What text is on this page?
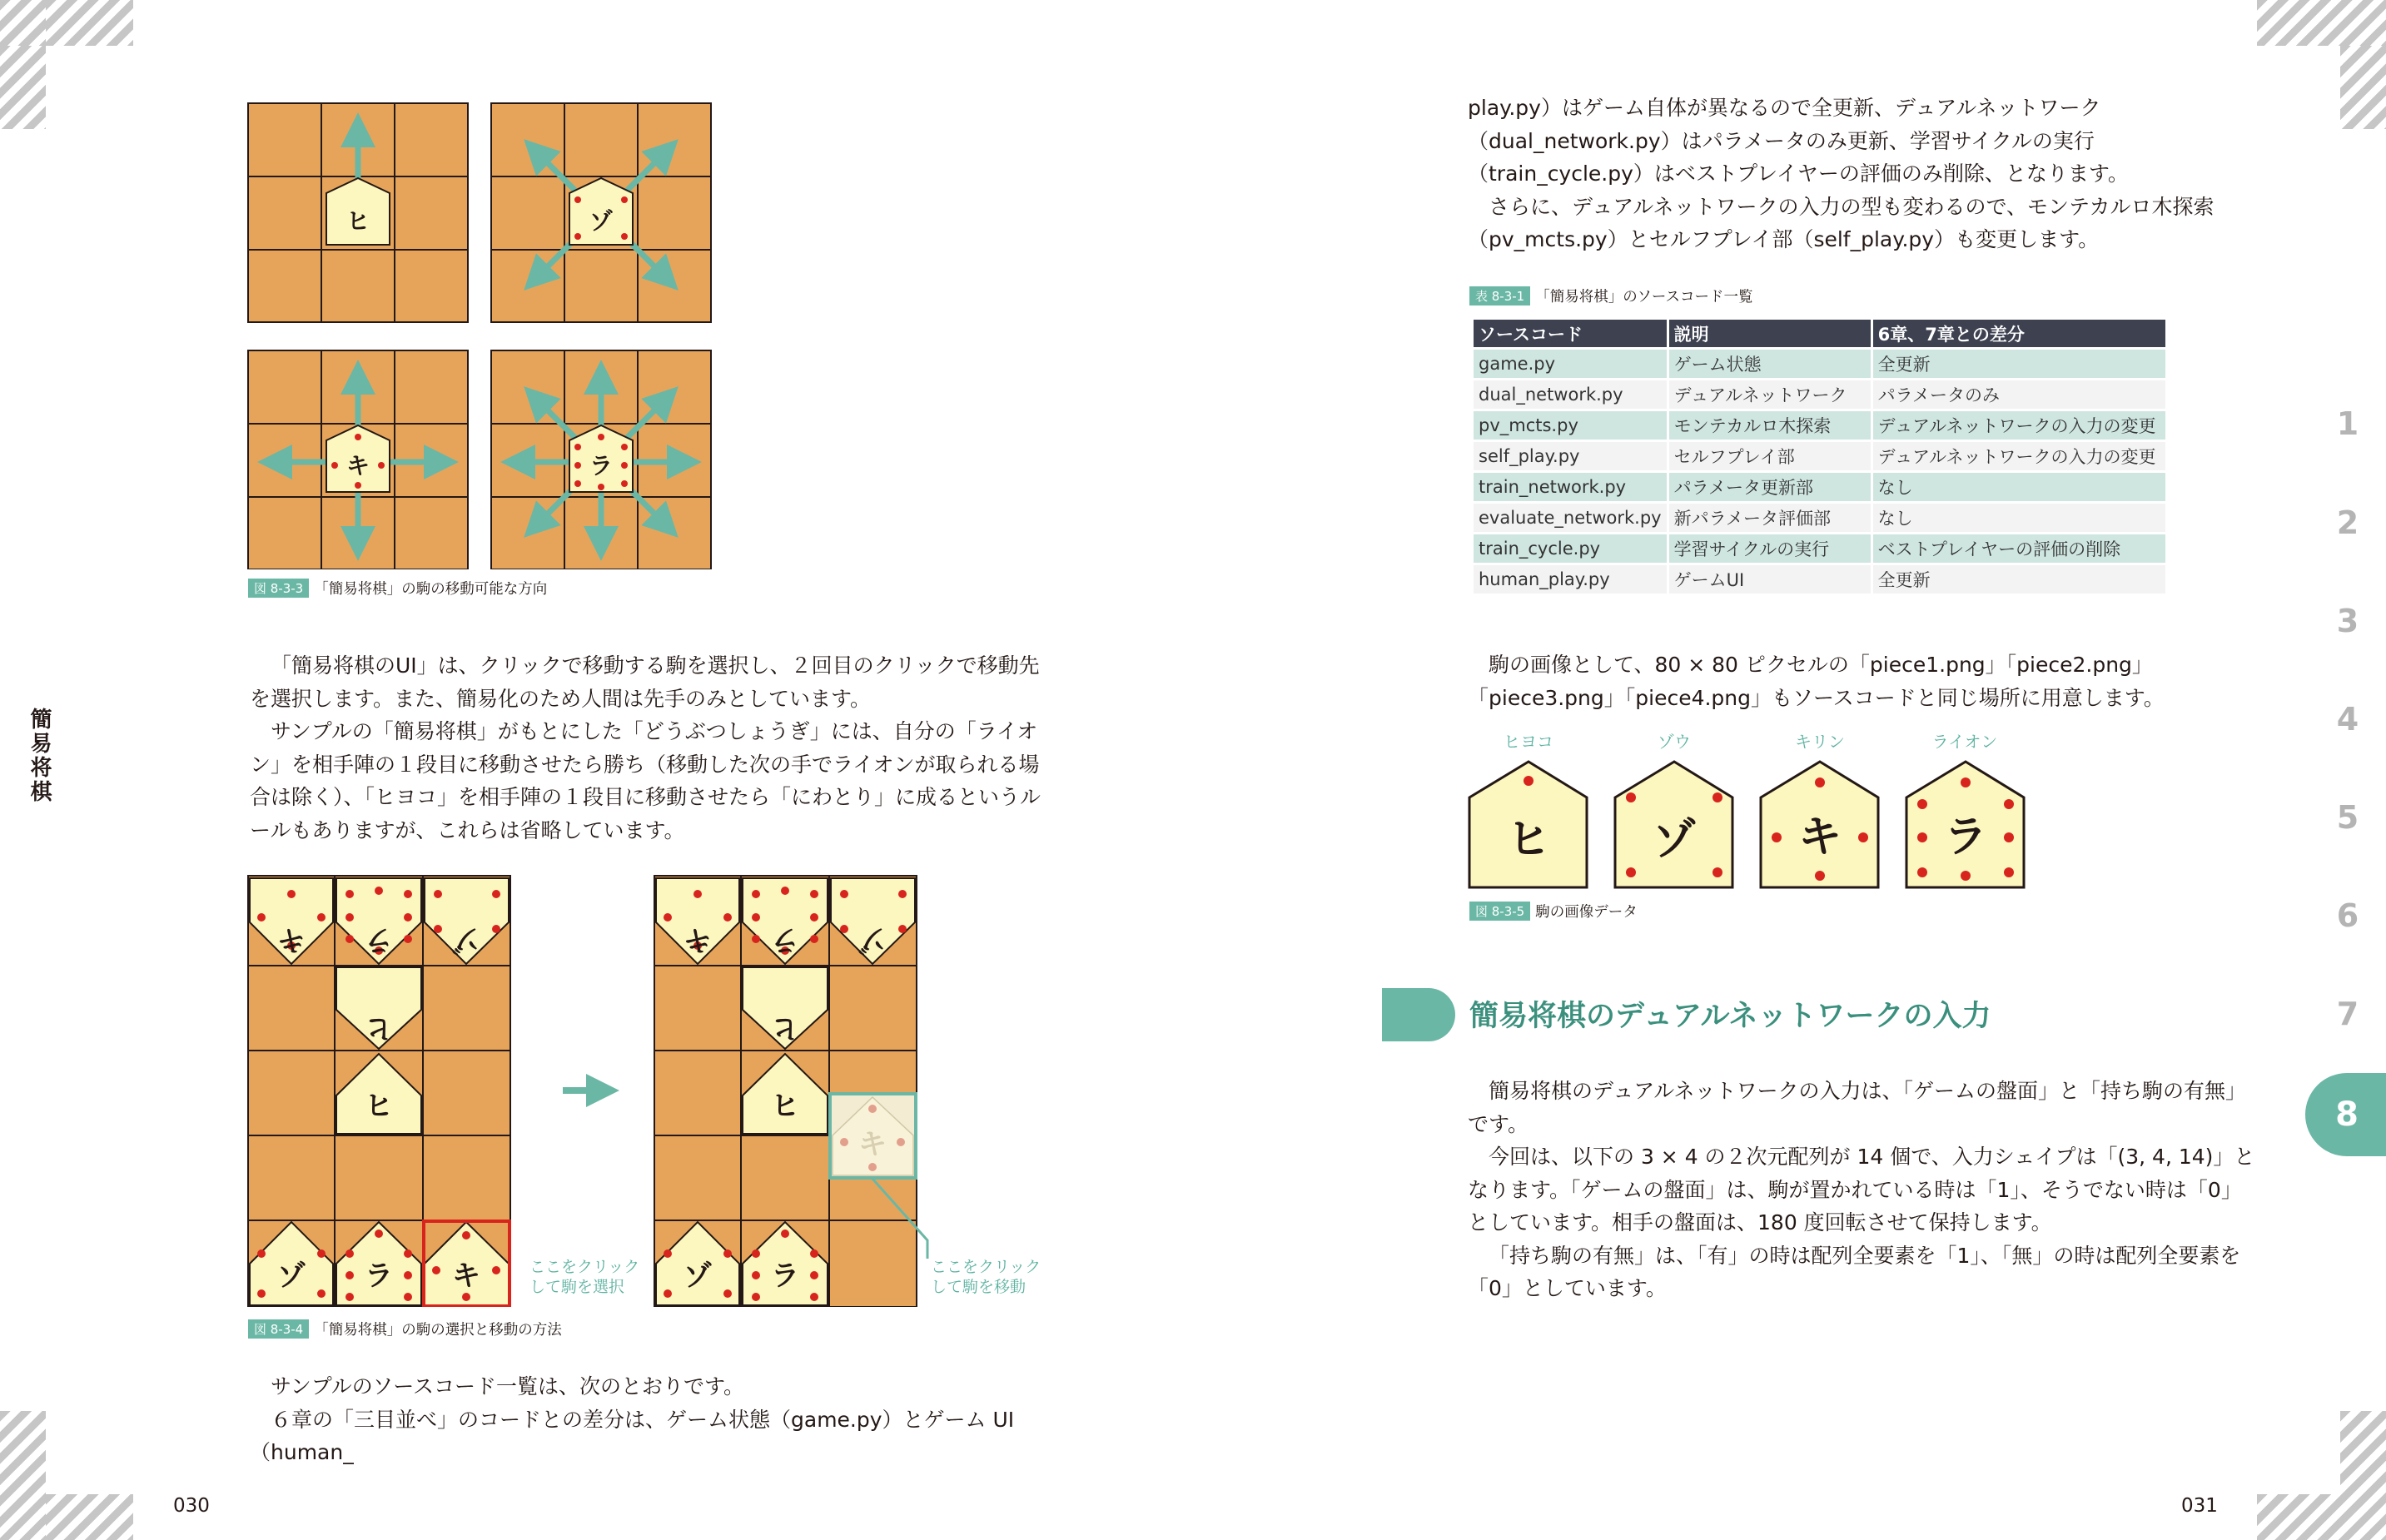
簡易将棋
ヒ	ゾ
キ	ラ
図 8-3-3 「簡易将棋」の駒の移動可能な方向

「簡易将棋のUI」は、クリックで移動する駒を選択し、２回目のクリックで移動先を選択します。また、簡易化のため人間は先手のみとしています。

サンプルの「簡易将棋」がもとにした「どうぶつしょうぎ」には、自分の「ライオン」を相手陣の１段目に移動させたら勝ち（移動した次の手でライオンが取られる場合は除く）、「ヒヨコ」を相手陣の１段目に移動させたら「にわとり」に成るというルールもありますが、これらは省略しています。

キ ラ ゾ
ヒ
ヒ
ゾ ラ キ
キ ラ ゾ
ヒ
ヒ
キ
ゾ ラ
ここをクリック
して駒を選択
ここをクリック
して駒を移動
図 8-3-4 「簡易将棋」の駒の選択と移動の方法

サンプルのソースコード一覧は、次のとおりです。

６章の「三目並べ」のコードとの差分は、ゲーム状態（game.py）とゲーム UI（human_

play.py）はゲーム自体が異なるので全更新、デュアルネットワーク（dual_network.py）はパラメータのみ更新、学習サイクルの実行（train_cycle.py）はベストプレイヤーの評価のみ削除、となります。

さらに、デュアルネットワークの入力の型も変わるので、モンテカルロ木探索（pv_mcts.py）とセルフプレイ部（self_play.py）も変更します。

表 8-3-1 「簡易将棋」のソースコード一覧
ソースコード	説明	6章、7章との差分
game.py	ゲーム状態	全更新
dual_network.py	デュアルネットワーク	パラメータのみ
pv_mcts.py	モンテカルロ木探索	デュアルネットワークの入力の変更
self_play.py	セルフプレイ部	デュアルネットワークの入力の変更
train_network.py	パラメータ更新部	なし
evaluate_network.py	新パラメータ評価部	なし
train_cycle.py	学習サイクルの実行	ベストプレイヤーの評価の削除
human_play.py	ゲームUI	全更新

駒の画像として、80 × 80 ピクセルの「piece1.png」「piece2.png」「piece3.png」「piece4.png」もソースコードと同じ場所に用意します。

ヒヨコ	ゾウ	キリン	ライオン
ヒ ゾ キ ラ
図 8-3-5 駒の画像データ
簡易将棋のデュアルネットワークの入力

簡易将棋のデュアルネットワークの入力は、「ゲームの盤面」と「持ち駒の有無」です。

今回は、以下の 3 × 4 の２次元配列が 14 個で、入力シェイプは「(3, 4, 14)」となります。「ゲームの盤面」は、駒が置かれている時は「1」、そうでない時は「0」としています。相手の盤面は、180 度回転させて保持します。

「持ち駒の有無」は、「有」の時は配列全要素を「1」、「無」の時は配列全要素を「0」としています。

1
2
3
4
5
6
7
8
030	031
